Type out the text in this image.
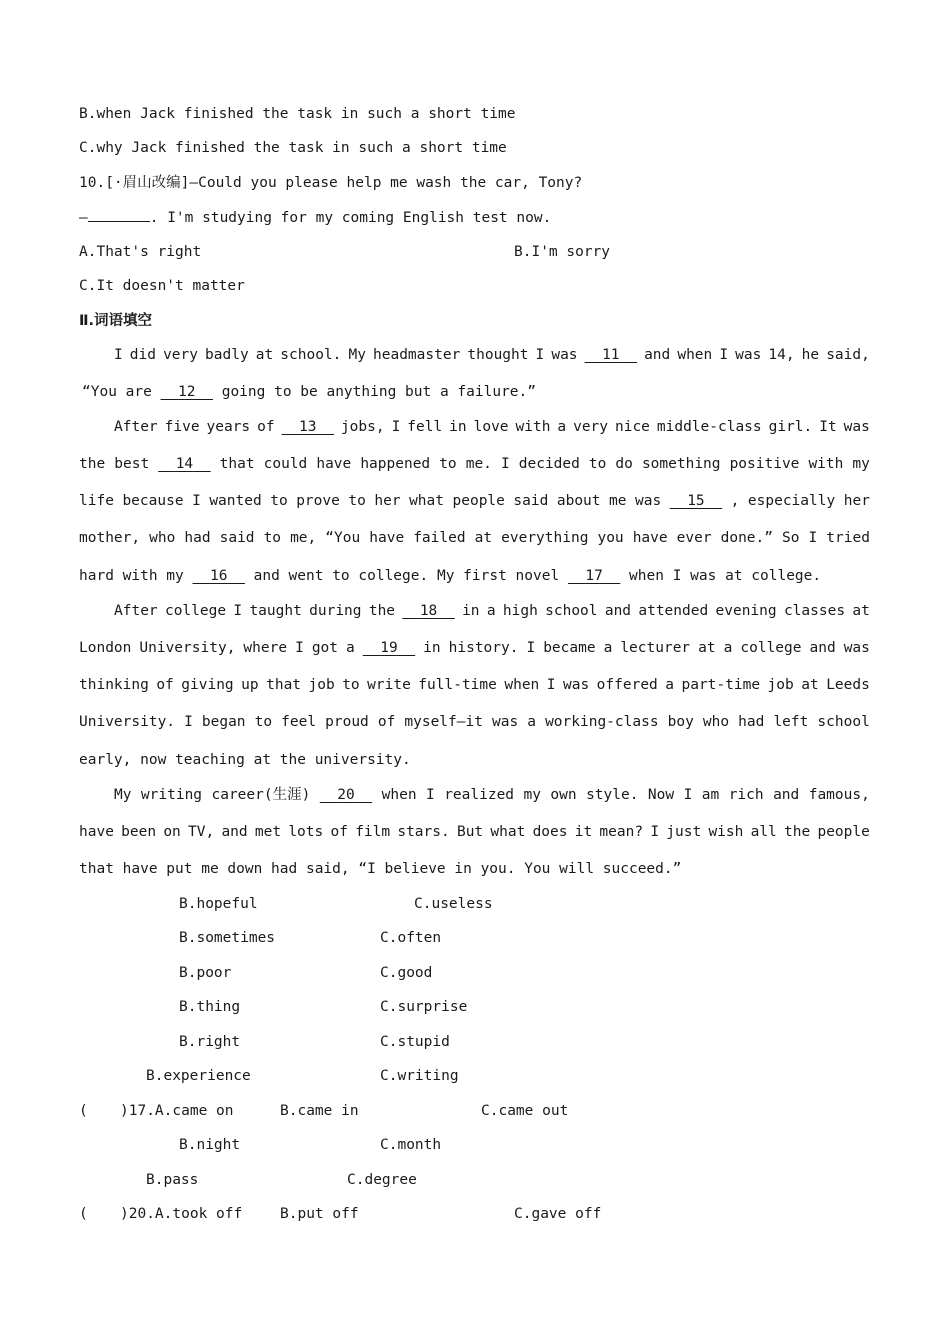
B.when Jack finished the task in such a short time
C.why Jack finished the task in such a short time
10.[·眉山改编]—Could you please help me wash the car, Tony?
—	. I'm studying for my coming English test now.
A.That's right	B.I'm sorry
C.It doesn't matter
Ⅱ.词语填空
I did very badly at school. My headmaster thought I was	11	and when I was 14, he said,
“You are   12   going to be anything but a failure.”
After five years of	13	jobs, I fell in love with a very nice middle-class girl. It was
the best	14	that could have happened to me. I decided to do something positive with my
life because I wanted to prove to her what people said about me was	15	, especially her
mother, who had said to me, “You have failed at everything you have ever done.” So I tried
hard with my   16   and went to college. My first novel   17   when I was at college.
After college I taught during the	18	in a high school and attended evening classes at
London University, where I got a	19	in history. I became a lecturer at a college and was
thinking of giving up that job to write full-time when I was offered a part-time job at Leeds
University. I began to feel proud of myself—it was a working-class boy who had left school
early, now teaching at the university.
My writing career(生涯)	20	when I realized my own style. Now I am rich and famous,
have been on TV, and met lots of film stars. But what does it mean? I just wish all the people
that have put me down had said, “I believe in you. You will succeed.”
B.hopeful	C.useless
B.sometimes	C.often
B.poor	C.good
B.thing	C.surprise
B.right	C.stupid
B.experience	C.writing
( )17.A.came on	B.came in	C.came out
B.night	C.month
B.pass	C.degree
( )20.A.took off	B.put off	C.gave off
